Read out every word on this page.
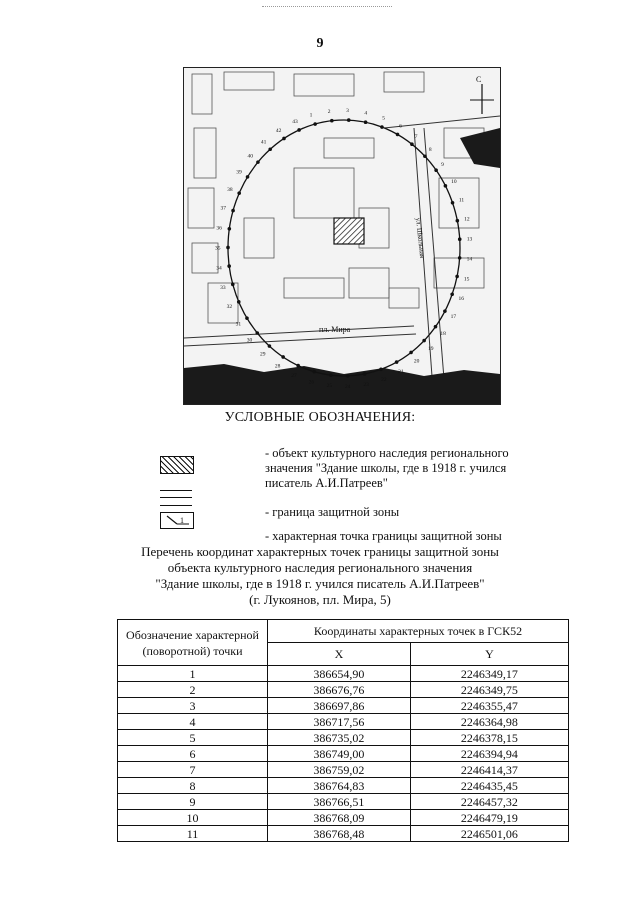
9
1
2	3	4
5
6
7
8
9
10
11
12
13
14
15
16
17
18
19
20
21
22
23
24
25
26
27
28
29
30
31
32
33
34
35
36
37
38
39
40
41
42
43
пл. Мира
ул. Школьная
С
УСЛОВНЫЕ ОБОЗНАЧЕНИЯ:
- объект культурного наследия регионального значения "Здание школы, где в 1918 г. учился писатель А.И.Патреев"
- граница защитной зоны
1
- характерная точка границы защитной зоны
Перечень координат характерных точек границы защитной зоны
объекта культурного наследия регионального значения
"Здание школы, где в 1918 г. учился писатель А.И.Патреев"
(г. Лукоянов, пл. Мира, 5)
Обозначение характерной (поворотной) точки	Координаты характерных точек в ГСК52	
	X	Y
1	386654,90	2246349,17
2	386676,76	2246349,75
3	386697,86	2246355,47
4	386717,56	2246364,98
5	386735,02	2246378,15
6	386749,00	2246394,94
7	386759,02	2246414,37
8	386764,83	2246435,45
9	386766,51	2246457,32
10	386768,09	2246479,19
11	386768,48	2246501,06
